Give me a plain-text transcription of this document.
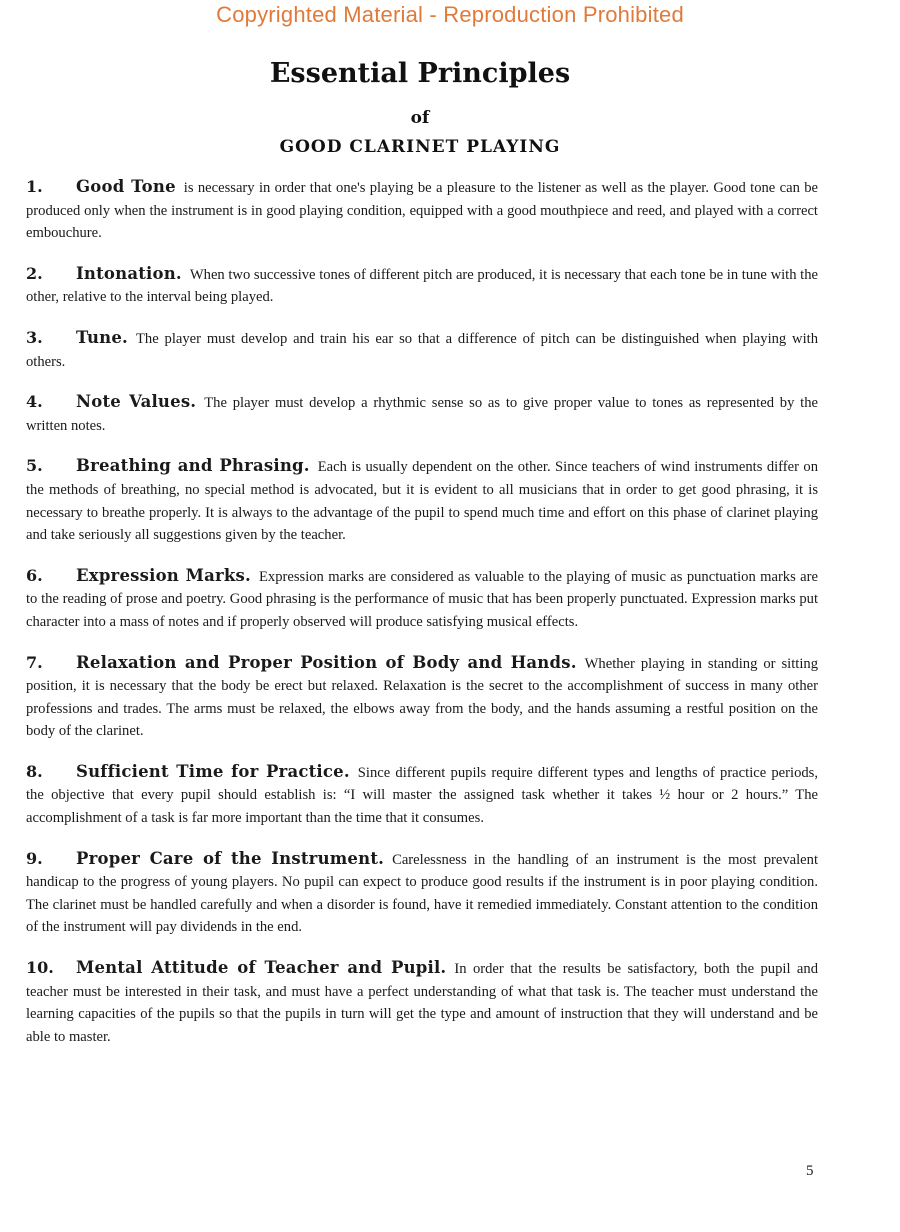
Copyrighted Material - Reproduction Prohibited
Essential Principles
of
GOOD CLARINET PLAYING

1. Good Tone is necessary in order that one's playing be a pleasure to the listener as well as the player. Good tone can be produced only when the instrument is in good playing condition, equipped with a good mouthpiece and reed, and played with a correct embouchure.

2. Intonation. When two successive tones of different pitch are produced, it is necessary that each tone be in tune with the other, relative to the interval being played.

3. Tune. The player must develop and train his ear so that a difference of pitch can be distinguished when playing with others.

4. Note Values. The player must develop a rhythmic sense so as to give proper value to tones as represented by the written notes.

5. Breathing and Phrasing. Each is usually dependent on the other. Since teachers of wind instruments differ on the methods of breathing, no special method is advocated, but it is evident to all musicians that in order to get good phrasing, it is necessary to breathe properly. It is always to the advantage of the pupil to spend much time and effort on this phase of clarinet playing and take seriously all suggestions given by the teacher.

6. Expression Marks. Expression marks are considered as valuable to the playing of music as punctuation marks are to the reading of prose and poetry. Good phrasing is the performance of music that has been properly punctuated. Expression marks put character into a mass of notes and if properly observed will produce satisfying musical effects.

7. Relaxation and Proper Position of Body and Hands. Whether playing in standing or sitting position, it is necessary that the body be erect but relaxed. Relaxation is the secret to the accomplishment of success in many other professions and trades. The arms must be relaxed, the elbows away from the body, and the hands assuming a restful position on the body of the clarinet.

8. Sufficient Time for Practice. Since different pupils require different types and lengths of practice periods, the objective that every pupil should establish is: “I will master the assigned task whether it takes ½ hour or 2 hours.” The accomplishment of a task is far more important than the time that it consumes.

9. Proper Care of the Instrument. Carelessness in the handling of an instrument is the most prevalent handicap to the progress of young players. No pupil can expect to produce good results if the instrument is in poor playing condition. The clarinet must be handled carefully and when a disorder is found, have it remedied immediately. Constant attention to the condition of the instrument will pay dividends in the end.

10. Mental Attitude of Teacher and Pupil. In order that the results be satisfactory, both the pupil and teacher must be interested in their task, and must have a perfect understanding of what that task is. The teacher must understand the learning capacities of the pupils so that the pupils in turn will get the type and amount of instruction that they will understand and be able to master.

5
